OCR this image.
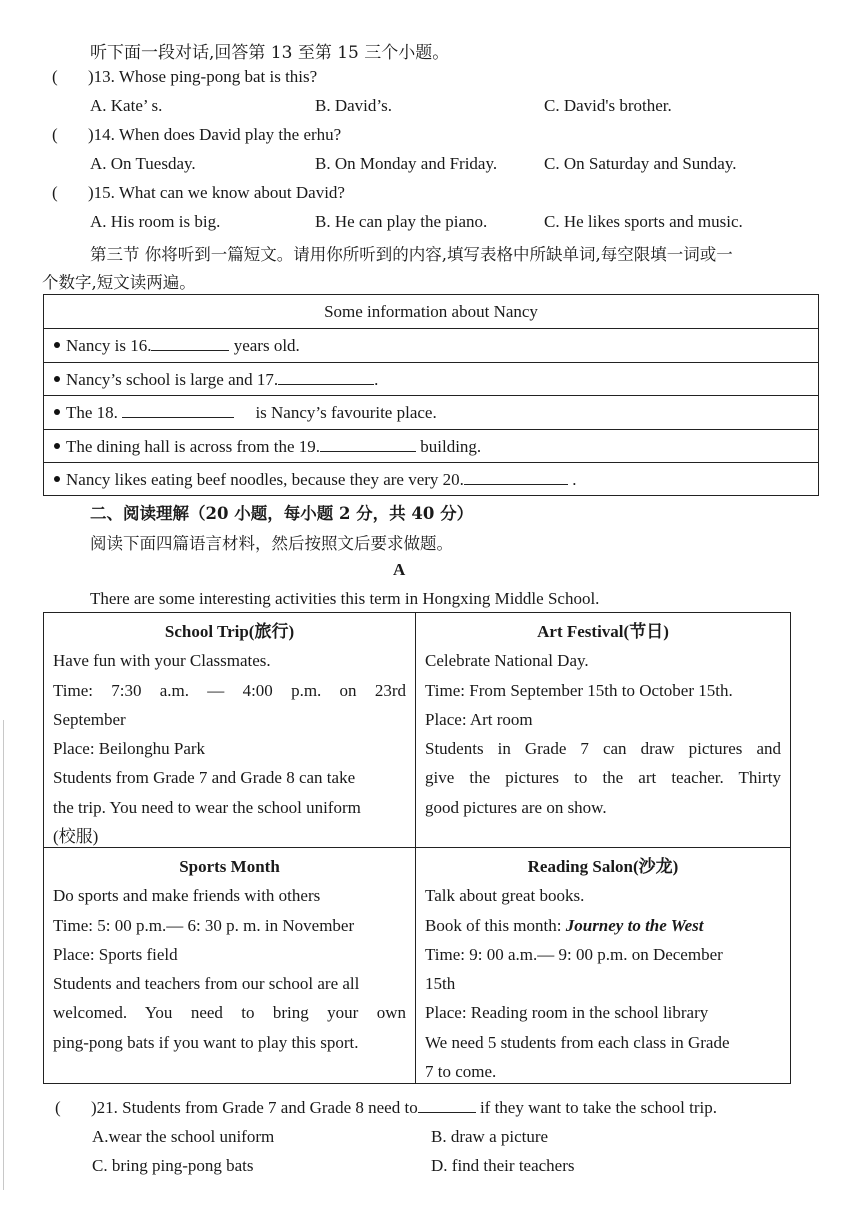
听下面一段对话,回答第 13 至第 15 三个小题。
( )13. Whose ping-pong bat is this?
A. Kate’ s.	B. David’s.	C. David's brother.
( )14. When does David play the erhu?
A. On Tuesday.	B. On Monday and Friday.	C. On Saturday and Sunday.
( )15. What can we know about David?
A. His room is big.	B. He can play the piano.	C. He likes sports and music.
第三节 你将听到一篇短文。请用你所听到的内容,填写表格中所缺单词,每空限填一词或一
个数字,短文读两遍。
Some information about Nancy
Nancy is 16.	years old.
Nancy’s school is large and 17.	.
The 18.	is Nancy’s favourite place.
The dining hall is across from the 19.	building.
Nancy likes eating beef noodles, because they are very 20.	.
二、阅读理解（20 小题，每小题 2 分，共 40 分）
阅读下面四篇语言材料，然后按照文后要求做题。
A
There are some interesting activities this term in Hongxing Middle School.
School Trip(旅行)
Have fun with your Classmates.
Time: 7:30 a.m. — 4:00 p.m. on 23rd
September
Place: Beilonghu Park
Students from Grade 7 and Grade 8 can take
the trip. You need to wear the school uniform
(校服)
Art Festival(节日)
Celebrate National Day.
Time: From September 15th to October 15th.
Place: Art room
Students in Grade 7 can draw pictures and
give the pictures to the art teacher. Thirty
good pictures are on show.
Sports Month
Do sports and make friends with others
Time: 5: 00 p.m.— 6: 30 p. m. in November
Place: Sports field
Students and teachers from our school are all
welcomed. You need to bring your own
ping-pong bats if you want to play this sport.
Reading Salon(沙龙)
Talk about great books.
Book of this month: Journey to the West
Time: 9: 00 a.m.— 9: 00 p.m. on December
15th
Place: Reading room in the school library
We need 5 students from each class in Grade
7 to come.
( )21. Students from Grade 7 and Grade 8 need to	if they want to take the school trip.
A.wear the school uniform	B. draw a picture
C. bring ping-pong bats	D. find their teachers
